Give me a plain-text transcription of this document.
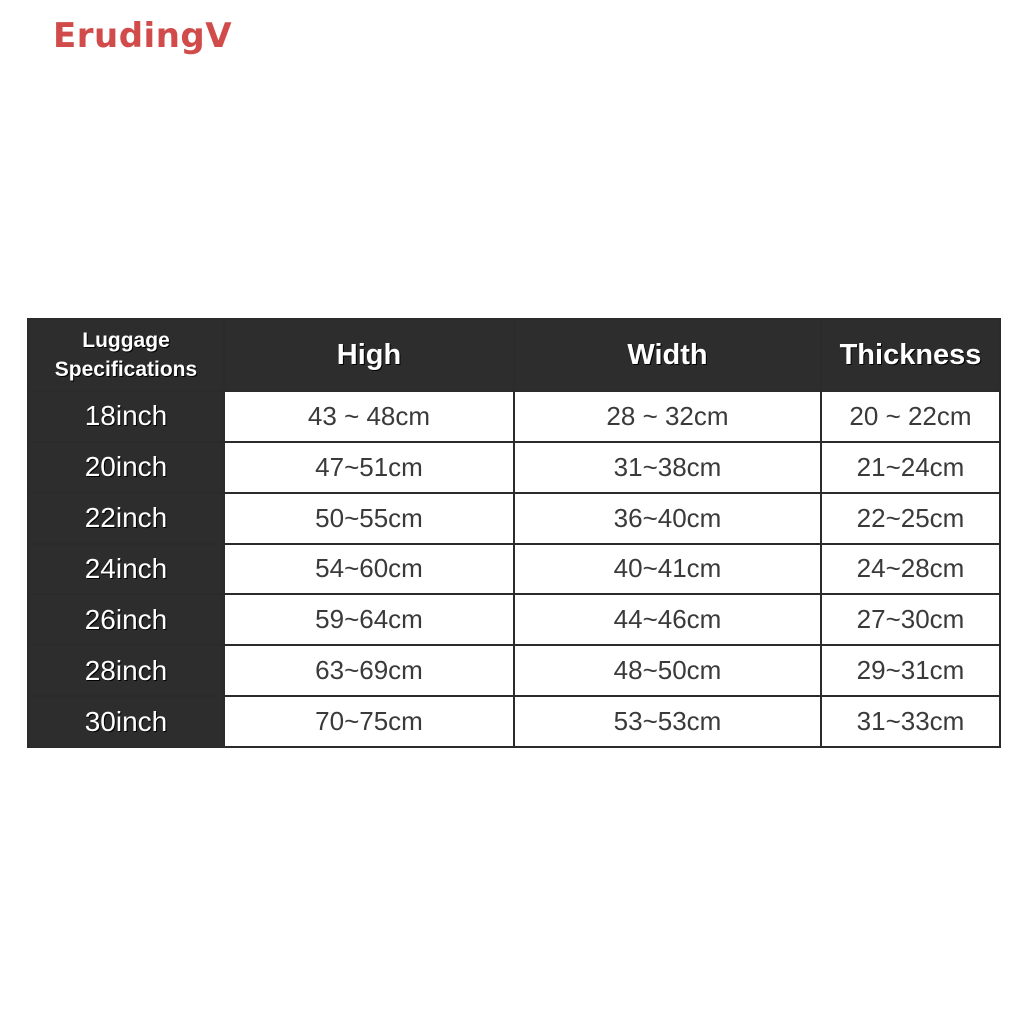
ErudingV
Luggage
Specifications	High	Width	Thickness
18inch	43 ~ 48cm	28 ~ 32cm	20 ~ 22cm
20inch	47~51cm	31~38cm	21~24cm
22inch	50~55cm	36~40cm	22~25cm
24inch	54~60cm	40~41cm	24~28cm
26inch	59~64cm	44~46cm	27~30cm
28inch	63~69cm	48~50cm	29~31cm
30inch	70~75cm	53~53cm	31~33cm
